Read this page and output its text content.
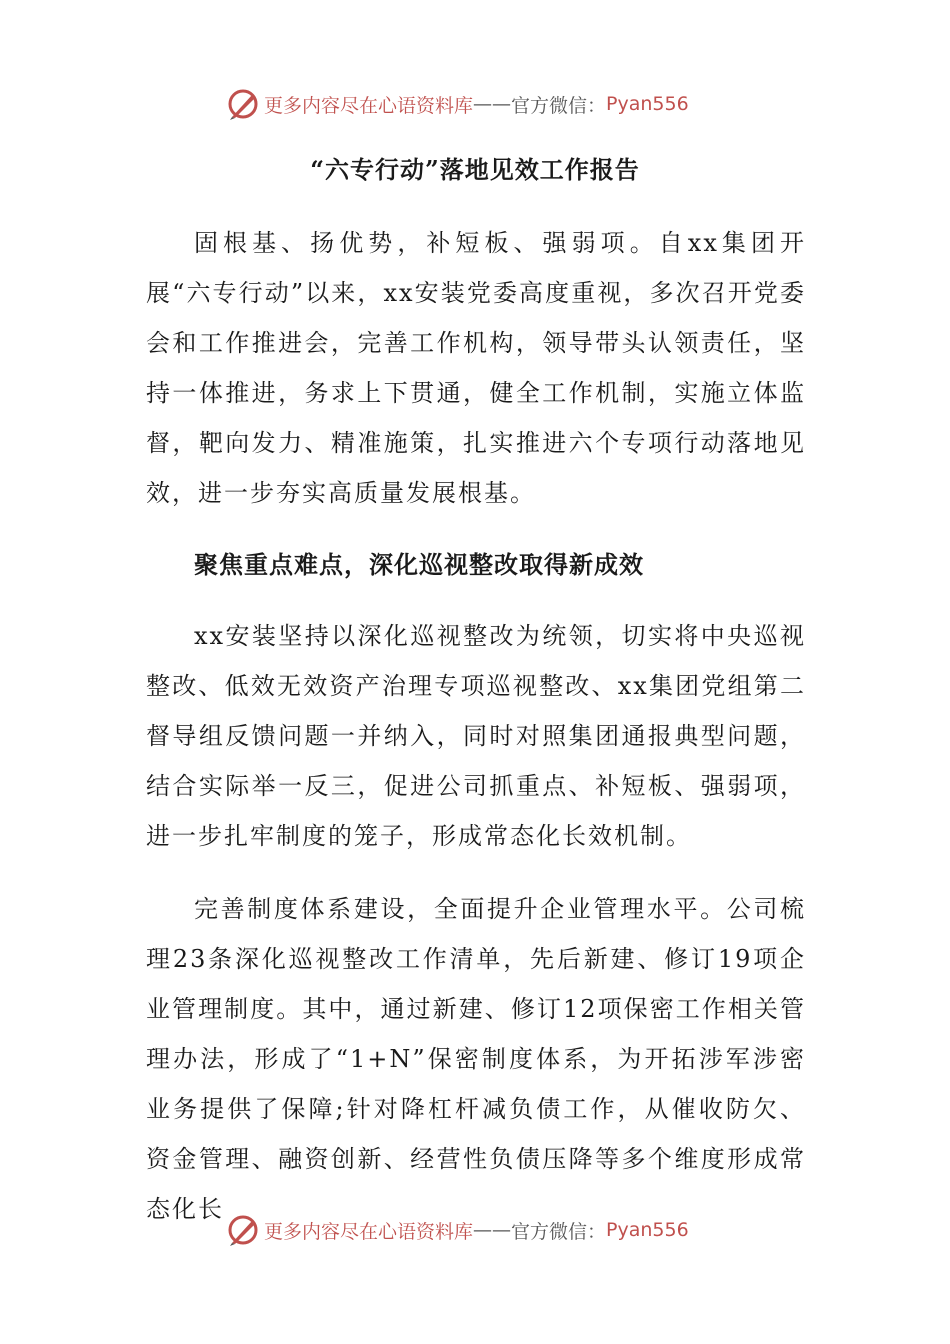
更多内容尽在心语资料库 —— 官方微信： Pyan556
“六专行动”落地见效工作报告

固根基、扬优势，补短板、强弱项。自xx集团开展“六专行动”以来，xx安装党委高度重视，多次召开党委会和工作推进会，完善工作机构，领导带头认领责任，坚持一体推进，务求上下贯通，健全工作机制，实施立体监督，靶向发力、精准施策，扎实推进六个专项行动落地见效，进一步夯实高质量发展根基。

聚焦重点难点，深化巡视整改取得新成效

xx安装坚持以深化巡视整改为统领，切实将中央巡视整改、低效无效资产治理专项巡视整改、xx集团党组第二督导组反馈问题一并纳入，同时对照集团通报典型问题，结合实际举一反三，促进公司抓重点、补短板、强弱项，进一步扎牢制度的笼子，形成常态化长效机制。

完善制度体系建设，全面提升企业管理水平。公司梳理23条深化巡视整改工作清单，先后新建、修订19项企业管理制度。其中，通过新建、修订12项保密工作相关管理办法，形成了“1+N”保密制度体系，为开拓涉军涉密业务提供了保障;针对降杠杆减负债工作，从催收防欠、资金管理、融资创新、经营性负债压降等多个维度形成常态化长

更多内容尽在心语资料库 —— 官方微信： Pyan556
